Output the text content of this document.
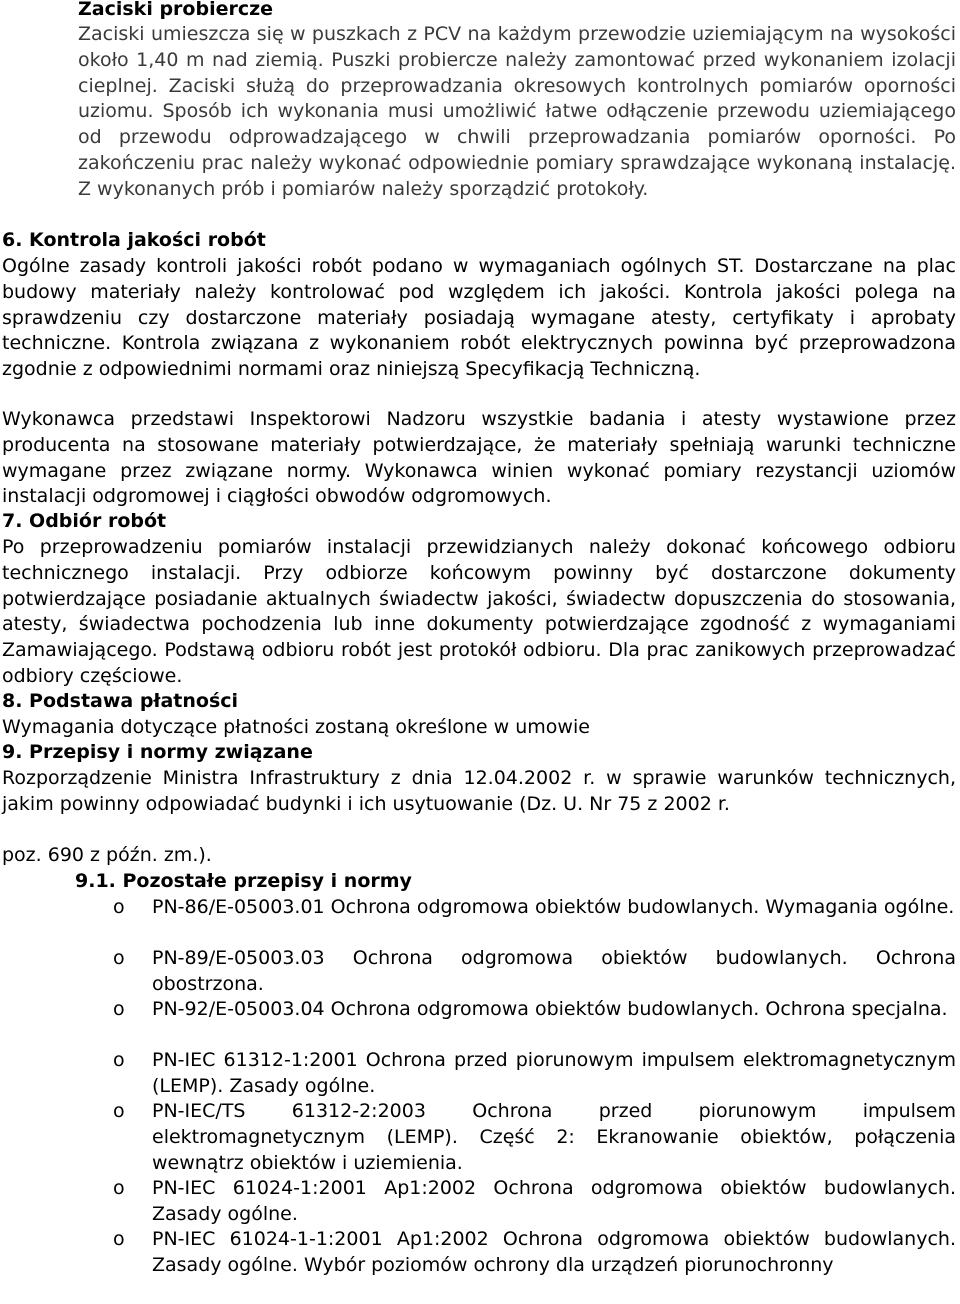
Zaciski probiercze
Zaciski umieszcza się w puszkach z PCV na każdym przewodzie uziemiającym na wysokości około 1,40 m nad ziemią. Puszki probiercze należy zamontować przed wykonaniem izolacji cieplnej. Zaciski służą do przeprowadzania okresowych kontrolnych pomiarów oporności uziomu. Sposób ich wykonania musi umożliwić łatwe odłączenie przewodu uziemiającego od przewodu odprowadzającego w chwili przeprowadzania pomiarów oporności. Po zakończeniu prac należy wykonać odpowiednie pomiary sprawdzające wykonaną instalację. Z wykonanych prób i pomiarów należy sporządzić protokoły.
6. Kontrola jakości robót
Ogólne zasady kontroli jakości robót podano w wymaganiach ogólnych ST. Dostarczane na plac budowy materiały należy kontrolować pod względem ich jakości. Kontrola jakości polega na sprawdzeniu czy dostarczone materiały posiadają wymagane atesty, certyfikaty i aprobaty techniczne. Kontrola związana z wykonaniem robót elektrycznych powinna być przeprowadzona zgodnie z odpowiednimi normami oraz niniejszą Specyfikacją Techniczną.
Wykonawca przedstawi Inspektorowi Nadzoru wszystkie badania i atesty wystawione przez producenta na stosowane materiały potwierdzające, że materiały spełniają warunki techniczne wymagane przez związane normy. Wykonawca winien wykonać pomiary rezystancji uziomów instalacji odgromowej i ciągłości obwodów odgromowych.
7. Odbiór robót
Po przeprowadzeniu pomiarów instalacji przewidzianych należy dokonać końcowego odbioru technicznego instalacji. Przy odbiorze końcowym powinny być dostarczone dokumenty potwierdzające posiadanie aktualnych świadectw jakości, świadectw dopuszczenia do stosowania, atesty, świadectwa pochodzenia lub inne dokumenty potwierdzające zgodność z wymaganiami Zamawiającego. Podstawą odbioru robót jest protokół odbioru. Dla prac zanikowych przeprowadzać odbiory częściowe.
8. Podstawa płatności
Wymagania dotyczące płatności zostaną określone w umowie
9. Przepisy i normy związane
Rozporządzenie Ministra Infrastruktury z dnia 12.04.2002 r. w sprawie warunków technicznych, jakim powinny odpowiadać budynki i ich usytuowanie (Dz. U. Nr 75 z 2002 r.
poz. 690 z późn. zm.).
9.1. Pozostałe przepisy i normy
o PN-86/E-05003.01 Ochrona odgromowa obiektów budowlanych. Wymagania ogólne.
o PN-89/E-05003.03 Ochrona odgromowa obiektów budowlanych. Ochrona obostrzona.
o PN-92/E-05003.04 Ochrona odgromowa obiektów budowlanych. Ochrona specjalna.
o PN-IEC 61312-1:2001 Ochrona przed piorunowym impulsem elektromagnetycznym (LEMP). Zasady ogólne.
o PN-IEC/TS 61312-2:2003 Ochrona przed piorunowym impulsem elektromagnetycznym (LEMP). Część 2: Ekranowanie obiektów, połączenia wewnątrz obiektów i uziemienia.
o PN-IEC 61024-1:2001 Ap1:2002 Ochrona odgromowa obiektów budowlanych. Zasady ogólne.
o PN-IEC 61024-1-1:2001 Ap1:2002 Ochrona odgromowa obiektów budowlanych. Zasady ogólne. Wybór poziomów ochrony dla urządzeń piorunochronny
